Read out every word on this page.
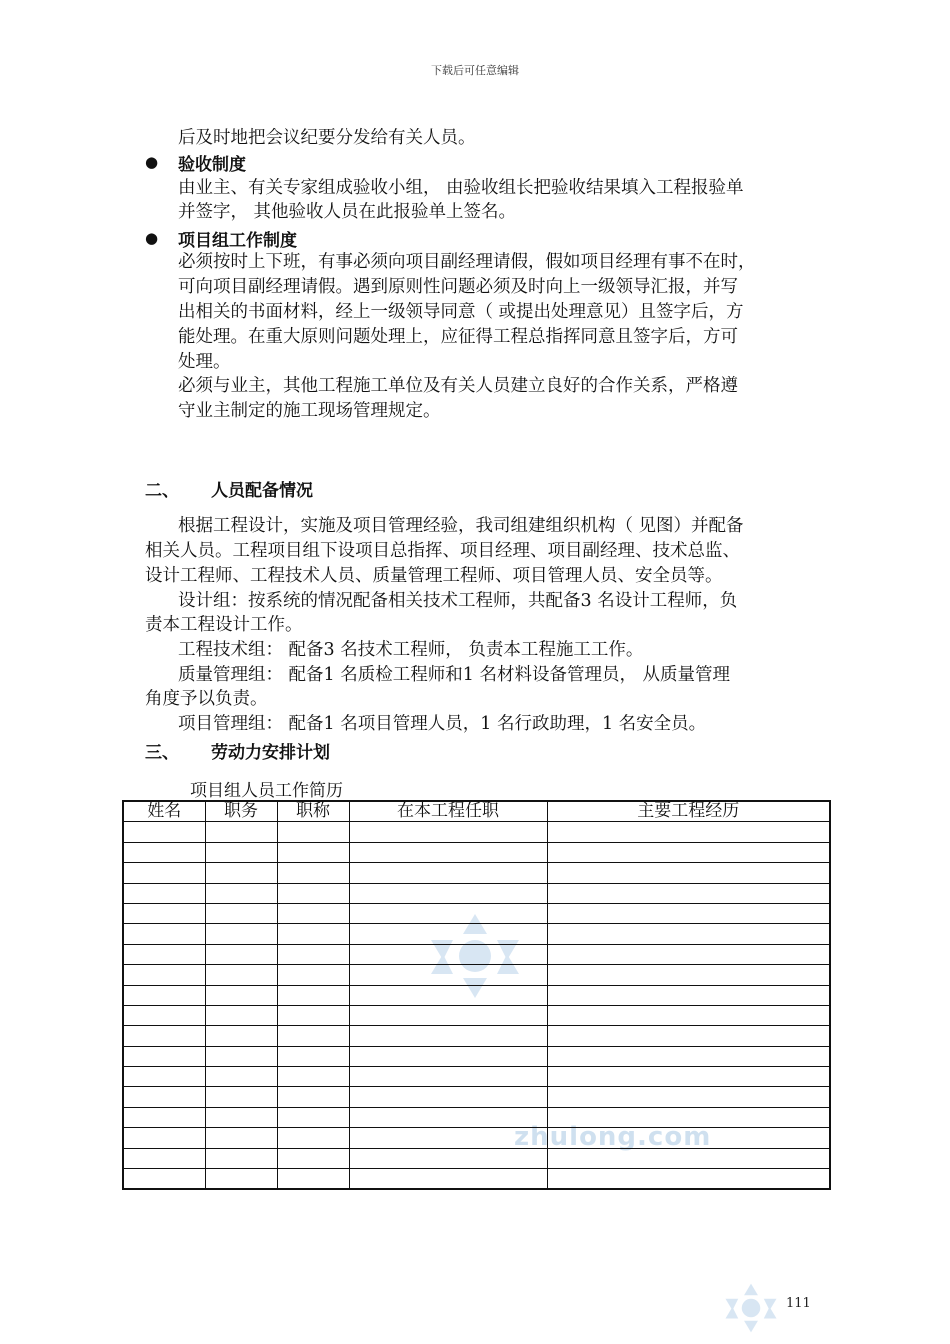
下载后可任意编辑
后及时地把会议纪要分发给有关人员。
● 验收制度
由业主、有关专家组成验收小组， 由验收组长把验收结果填入工程报验单
并签字， 其他验收人员在此报验单上签名。
● 项目组工作制度
必须按时上下班，有事必须向项目副经理请假，假如项目经理有事不在时，
可向项目副经理请假。遇到原则性问题必须及时向上一级领导汇报，并写
出相关的书面材料，经上一级领导同意（ 或提出处理意见）且签字后，方
能处理。在重大原则问题处理上，应征得工程总指挥同意且签字后，方可
处理。
必须与业主，其他工程施工单位及有关人员建立良好的合作关系，严格遵
守业主制定的施工现场管理规定。
二、 人员配备情况
根据工程设计，实施及项目管理经验，我司组建组织机构（ 见图）并配备
相关人员。工程项目组下设项目总指挥、项目经理、项目副经理、技术总监、
设计工程师、工程技术人员、质量管理工程师、项目管理人员、安全员等。
设计组：按系统的情况配备相关技术工程师，共配备3 名设计工程师，负
责本工程设计工作。
工程技术组： 配备3 名技术工程师， 负责本工程施工工作。
质量管理组： 配备1 名质检工程师和1 名材料设备管理员， 从质量管理
角度予以负责。
项目管理组： 配备1 名项目管理人员，1 名行政助理，1 名安全员。
三、 劳动力安排计划
项目组人员工作简历
zhulong.com
姓名	职务	职称	在本工程任职	主要工程经历

111
